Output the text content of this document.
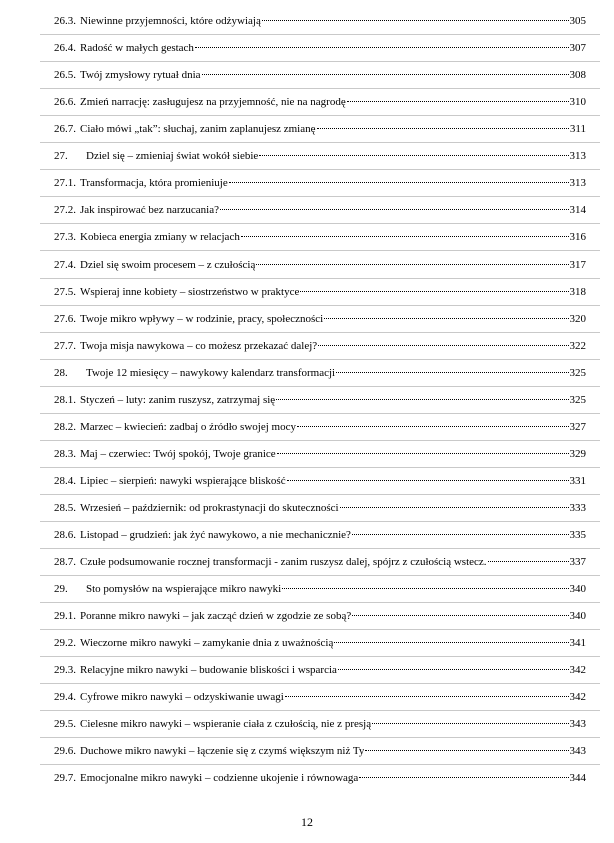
26.3. Niewinne przyjemności, które odżywiają	305
26.4. Radość w małych gestach	307
26.5. Twój zmysłowy rytuał dnia	308
26.6. Zmień narrację: zasługujesz na przyjemność, nie na nagrodę	310
26.7. Ciało mówi „tak”: słuchaj, zanim zaplanujesz zmianę	311
27.	Dziel się – zmieniaj świat wokół siebie	313
27.1. Transformacja, która promieniuje	313
27.2. Jak inspirować bez narzucania?	314
27.3. Kobieca energia zmiany w relacjach	316
27.4. Dziel się swoim procesem – z czułością	317
27.5. Wspieraj inne kobiety – siostrzeństwo w praktyce	318
27.6. Twoje mikro wpływy – w rodzinie, pracy, społeczności	320
27.7. Twoja misja nawykowa – co możesz przekazać dalej?	322
28.	Twoje 12 miesięcy – nawykowy kalendarz transformacji	325
28.1. Styczeń – luty: zanim ruszysz, zatrzymaj się	325
28.2. Marzec – kwiecień: zadbaj o źródło swojej mocy	327
28.3. Maj – czerwiec: Twój spokój, Twoje granice	329
28.4. Lipiec – sierpień: nawyki wspierające bliskość	331
28.5. Wrzesień – październik: od prokrastynacji do skuteczności	333
28.6. Listopad – grudzień: jak żyć nawykowo, a nie mechanicznie?	335
28.7. Czułe podsumowanie rocznej transformacji - zanim ruszysz dalej, spójrz z czułością wstecz.	337
29.	Sto pomysłów na wspierające mikro nawyki	340
29.1. Poranne mikro nawyki – jak zacząć dzień w zgodzie ze sobą?	340
29.2. Wieczorne mikro nawyki – zamykanie dnia z uważnością	341
29.3. Relacyjne mikro nawyki – budowanie bliskości i wsparcia	342
29.4. Cyfrowe mikro nawyki – odzyskiwanie uwagi	342
29.5. Cielesne mikro nawyki – wspieranie ciała z czułością, nie z presją	343
29.6. Duchowe mikro nawyki – łączenie się z czymś większym niż Ty	343
29.7. Emocjonalne mikro nawyki – codzienne ukojenie i równowaga	344
12
